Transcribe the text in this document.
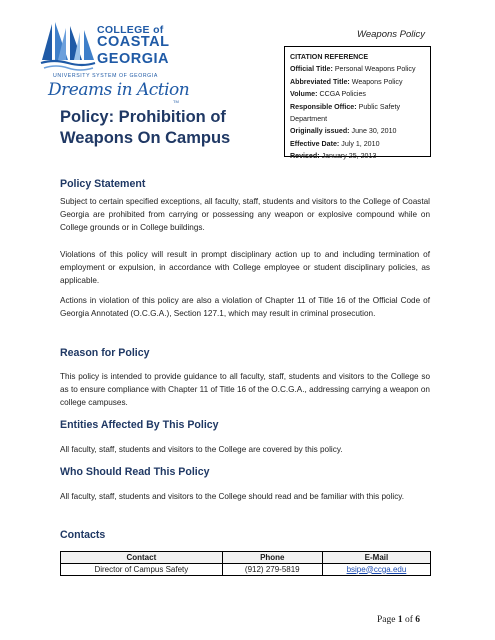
Weapons Policy
COLLEGE of
COASTAL
GEORGIA
UNIVERSITY SYSTEM OF GEORGIA
Dreams in Action
TM
Policy: Prohibition of Weapons On Campus
CITATION REFERENCE
Official Title: Personal Weapons Policy
Abbreviated Title: Weapons Policy
Volume: CCGA Policies
Responsible Office: Public Safety Department
Originally issued: June 30, 2010
Effective Date: July 1, 2010
Revised: January 25, 2013
Policy Statement
Subject to certain specified exceptions, all faculty, staff, students and visitors to the College of Coastal Georgia are prohibited from carrying or possessing any weapon or explosive compound while on College grounds or in College buildings.
Violations of this policy will result in prompt disciplinary action up to and including termination of employment or expulsion, in accordance with College employee or student disciplinary policies, as applicable.
Actions in violation of this policy are also a violation of Chapter 11 of Title 16 of the Official Code of Georgia Annotated (O.C.G.A.), Section 127.1, which may result in criminal prosecution.
Reason for Policy
This policy is intended to provide guidance to all faculty, staff, students and visitors to the College so as to ensure compliance with Chapter 11 of Title 16 of the O.C.G.A., addressing carrying a weapon on college campuses.
Entities Affected By This Policy
All faculty, staff, students and visitors to the College are covered by this policy.
Who Should Read This Policy
All faculty, staff, students and visitors to the College should read and be familiar with this policy.
Contacts
Contact	Phone	E-Mail
Director of Campus Safety	(912) 279-5819	bsipe@ccga.edu
Page 1 of 6
